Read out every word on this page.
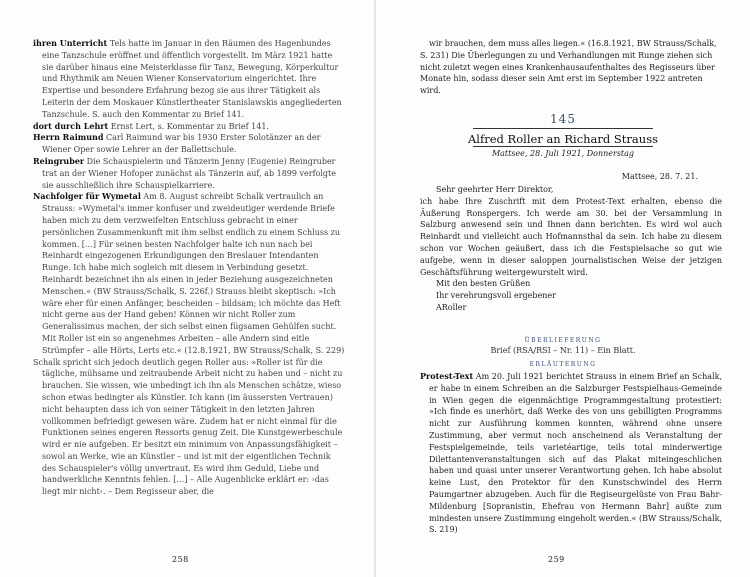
ihren Unterricht Tels hatte im Januar in den Räumen des Hagenbundes eine Tanzschule eröffnet und öffentlich vorgestellt. Im März 1921 hatte sie darüber hinaus eine Meisterklasse für Tanz, Bewegung, Körperkultur und Rhythmik am Neuen Wiener Konservatorium eingerichtet. Ihre Expertise und besondere Erfahrung bezog sie aus ihrer Tätigkeit als Leiterin der dem Moskauer Künstlertheater Stanislawskis angegliederten Tanzschule. S. auch den Kommentar zu Brief 141.

dort durch Lehrt Ernst Lert, s. Kommentar zu Brief 141.

Herrn Raimund Carl Raimund war bis 1930 Erster Solotänzer an der Wiener Oper sowie Lehrer an der Ballettschule.

Reingruber Die Schauspielerin und Tänzerin Jenny (Eugenie) Reingruber trat an der Wiener Hofoper zunächst als Tänzerin auf, ab 1899 verfolgte sie ausschließlich ihre Schauspielkarriere.

Nachfolger für Wymetal Am 8. August schreibt Schalk vertraulich an Strauss: »Wymetal's immer konfuser und zweideutiger werdende Briefe haben mich zu dem verzweifelten Entschluss gebracht in einer persönlichen Zusammenkunft mit ihm selbst endlich zu einem Schluss zu kommen. […] Für seinen besten Nachfolger halte ich nun nach bei Reinhardt eingezogenen Erkundigungen den Breslauer Intendanten Runge. Ich habe mich sogleich mit diesem in Verbindung gesetzt. Reinhardt bezeichnet ihn als einen in jeder Beziehung ausgezeichneten Menschen.« (BW Strauss/Schalk, S. 226f.) Strauss bleibt skeptisch: »Ich wäre eher für einen Anfänger, bescheiden – bildsam; ich möchte das Heft nicht gerne aus der Hand geben! Können wir nicht Roller zum Generalissimus machen, der sich selbst einen fügsamen Gehülfen sucht. Mit Roller ist ein so angenehmes Arbeiten – alle Andern sind eitle Strümpfer – alle Hörts, Lerts etc.« (12.8.1921, BW Strauss/Schalk, S. 229)

Schalk spricht sich jedoch deutlich gegen Roller aus: »Roller ist für die tägliche, mühsame und zeitraubende Arbeit nicht zu haben und – nicht zu brauchen. Sie wissen, wie unbedingt ich ihn als Menschen schätze, wieso schon etwas bedingter als Künstler. Ich kann (im äussersten Vertrauen) nicht behaupten dass ich von seiner Tätigkeit in den letzten Jahren vollkommen befriedigt gewesen wäre. Zudem hat er nicht einmal für die Funktionen seines engeren Ressorts genug Zeit. Die Kunstgewerbeschule wird er nie aufgeben. Er besitzt ein minimum von Anpassungsfähigkeit – sowol an Werke, wie an Künstler – und ist mit der eigentlichen Technik des Schauspieler's völlig unvertraut. Es wird ihm Geduld, Liebe und handwerkliche Kenntnis fehlen. […] – Alle Augenblicke erklärt er: ›das liegt mir nicht‹. – Dem Regisseur aber, die

258
wir brauchen, dem muss alles liegen.« (16.8.1921, BW Strauss/Schalk, S. 231) Die Überlegungen zu und Verhandlungen mit Runge ziehen sich nicht zuletzt wegen eines Krankenhausaufenthaltes des Regisseurs über Monate hin, sodass dieser sein Amt erst im September 1922 antreten wird.
145
Alfred Roller an Richard Strauss
Mattsee, 28. Juli 1921, Donnerstag
Mattsee, 28. 7. 21.
Sehr geehrter Herr Direktor,
ich habe Ihre Zuschrift mit dem Protest-Text erhalten, ebenso die Äußerung Ronspergers. Ich werde am 30. bei der Versammlung in Salzburg anwesend sein und Ihnen dann berichten. Es wird wol auch Reinhardt und vielleicht auch Hofmannsthal da sein. Ich habe zu diesem schon vor Wochen geäußert, dass ich die Festspielsache so gut wie aufgebe, wenn in dieser saloppen journalistischen Weise der jetzigen Geschäftsführung weitergewurstelt wird.
Mit den besten Grüßen
Ihr verehrungsvoll ergebener
ARoller
ÜBERLIEFERUNG
Brief (RSA/RSI – Nr. 11) – Ein Blatt.
ERLÄUTERUNG

Protest-Text Am 20. Juli 1921 berichtet Strauss in einem Brief an Schalk, er habe in einem Schreiben an die Salzburger Festspielhaus-Gemeinde in Wien gegen die eigenmächtige Programmgestaltung protestiert: »Ich finde es unerhört, daß Werke des von uns gebilligten Programms nicht zur Ausführung kommen konnten, während ohne unsere Zustimmung, aber vermut noch anscheinend als Veranstaltung der Festspielgemeinde, teils varietéartige, teils total minderwertige Dilettantenveranstaltungen sich auf das Plakat miteingeschlichen haben und quasi unter unserer Verantwortung gehen. Ich habe absolut keine Lust, den Protektor für den Kunstschwindel des Herrn Paumgartner abzugeben. Auch für die Regiseurgelüste von Frau Bahr-Mildenburg [Sopranistin, Ehefrau von Hermann Bahr] außte zum mindesten unsere Zustimmung eingeholt werden.« (BW Strauss/Schalk, S. 219)

259
